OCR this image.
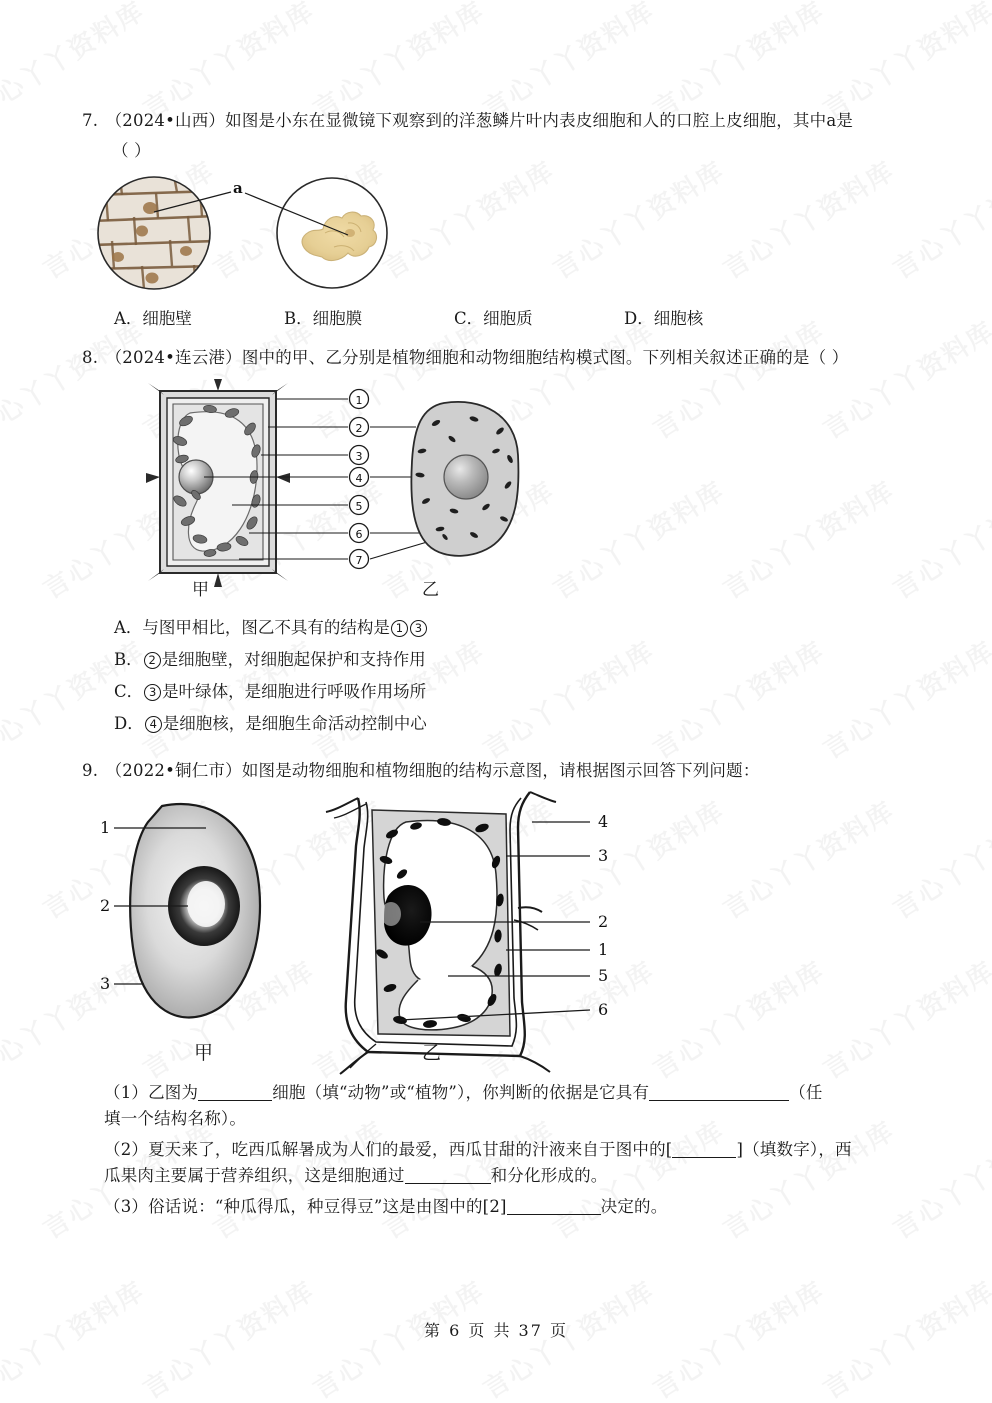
7. （2024•山西）如图是小东在显微镜下观察到的洋葱鳞片叶内表皮细胞和人的口腔上皮细胞，其中a是
（ ）
a
A．细胞壁	B．细胞膜	C．细胞质	D．细胞核
8. （2024•连云港）图中的甲、乙分别是植物细胞和动物细胞结构模式图。下列相关叙述正确的是（ ）
1
2
3
4
5
6
7
甲	乙
A．与图甲相比，图乙不具有的结构是 1 3
B． 2 是细胞壁，对细胞起保护和支持作用
C． 3 是叶绿体，是细胞进行呼吸作用场所
D． 4 是细胞核，是细胞生命活动控制中心
9. （2022•铜仁市）如图是动物细胞和植物细胞的结构示意图，请根据图示回答下列问题：
1
2
3
4
3
2
1
5
6
甲	乙
（1）乙图为	细胞（填“动物”或“植物”），你判断的依据是它具有	（任
填一个结构名称）。
（2）夏天来了，吃西瓜解暑成为人们的最爱，西瓜甘甜的汁液来自于图中的[	]（填数字），西
瓜果肉主要属于营养组织，这是细胞通过	和分化形成的。
（3）俗话说：“种瓜得瓜，种豆得豆”这是由图中的[2]	决定的。
第 6 页 共 37 页
